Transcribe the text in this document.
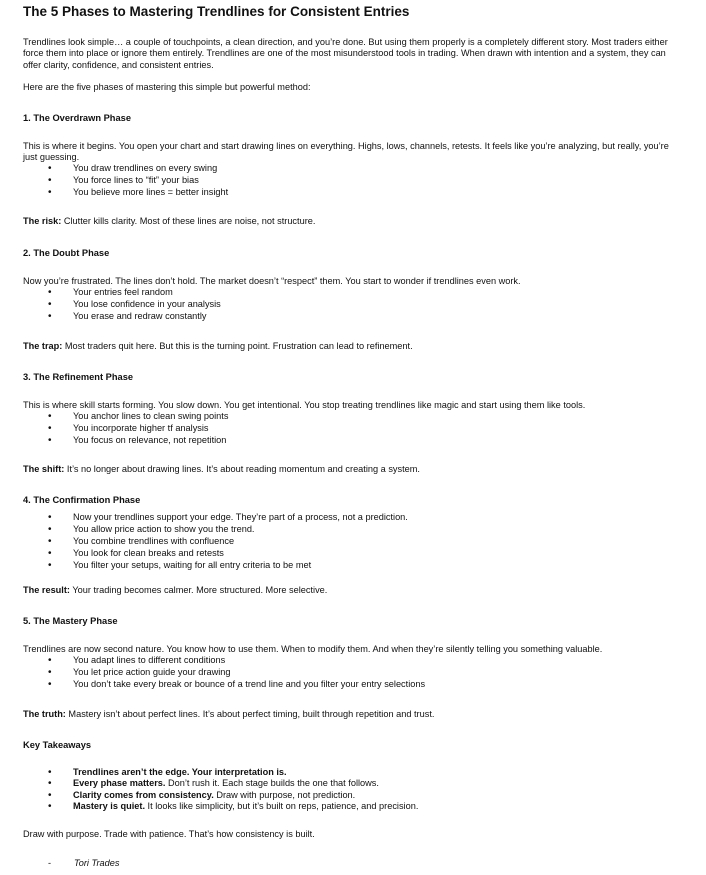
The 5 Phases to Mastering Trendlines for Consistent Entries

Trendlines look simple… a couple of touchpoints, a clean direction, and you’re done. But using them properly is a completely different story. Most traders either force them into place or ignore them entirely. Trendlines are one of the most misunderstood tools in trading. When drawn with intention and a system, they can offer clarity, confidence, and consistent entries.

Here are the five phases of mastering this simple but powerful method:

1. The Overdrawn Phase

This is where it begins. You open your chart and start drawing lines on everything. Highs, lows, channels, retests. It feels like you’re analyzing, but really, you’re just guessing.

• You draw trendlines on every swing
• You force lines to “fit” your bias
• You believe more lines = better insight

The risk: Clutter kills clarity. Most of these lines are noise, not structure.

2. The Doubt Phase

Now you’re frustrated. The lines don’t hold. The market doesn’t “respect” them. You start to wonder if trendlines even work.

• Your entries feel random
• You lose confidence in your analysis
• You erase and redraw constantly

The trap: Most traders quit here. But this is the turning point. Frustration can lead to refinement.

3. The Refinement Phase

This is where skill starts forming. You slow down. You get intentional. You stop treating trendlines like magic and start using them like tools.

• You anchor lines to clean swing points
• You incorporate higher tf analysis
• You focus on relevance, not repetition

The shift: It’s no longer about drawing lines. It’s about reading momentum and creating a system.

4. The Confirmation Phase
• Now your trendlines support your edge. They’re part of a process, not a prediction.
• You allow price action to show you the trend.
• You combine trendlines with confluence
• You look for clean breaks and retests
• You filter your setups, waiting for all entry criteria to be met

The result: Your trading becomes calmer. More structured. More selective.

5. The Mastery Phase

Trendlines are now second nature. You know how to use them. When to modify them. And when they’re silently telling you something valuable.

• You adapt lines to different conditions
• You let price action guide your drawing
• You don’t take every break or bounce of a trend line and you filter your entry selections

The truth: Mastery isn’t about perfect lines. It’s about perfect timing, built through repetition and trust.

Key Takeaways
• Trendlines aren’t the edge. Your interpretation is.
• Every phase matters. Don’t rush it. Each stage builds the one that follows.
• Clarity comes from consistency. Draw with purpose, not prediction.
• Mastery is quiet. It looks like simplicity, but it’s built on reps, patience, and precision.

Draw with purpose. Trade with patience. That’s how consistency is built.

- Tori Trades
